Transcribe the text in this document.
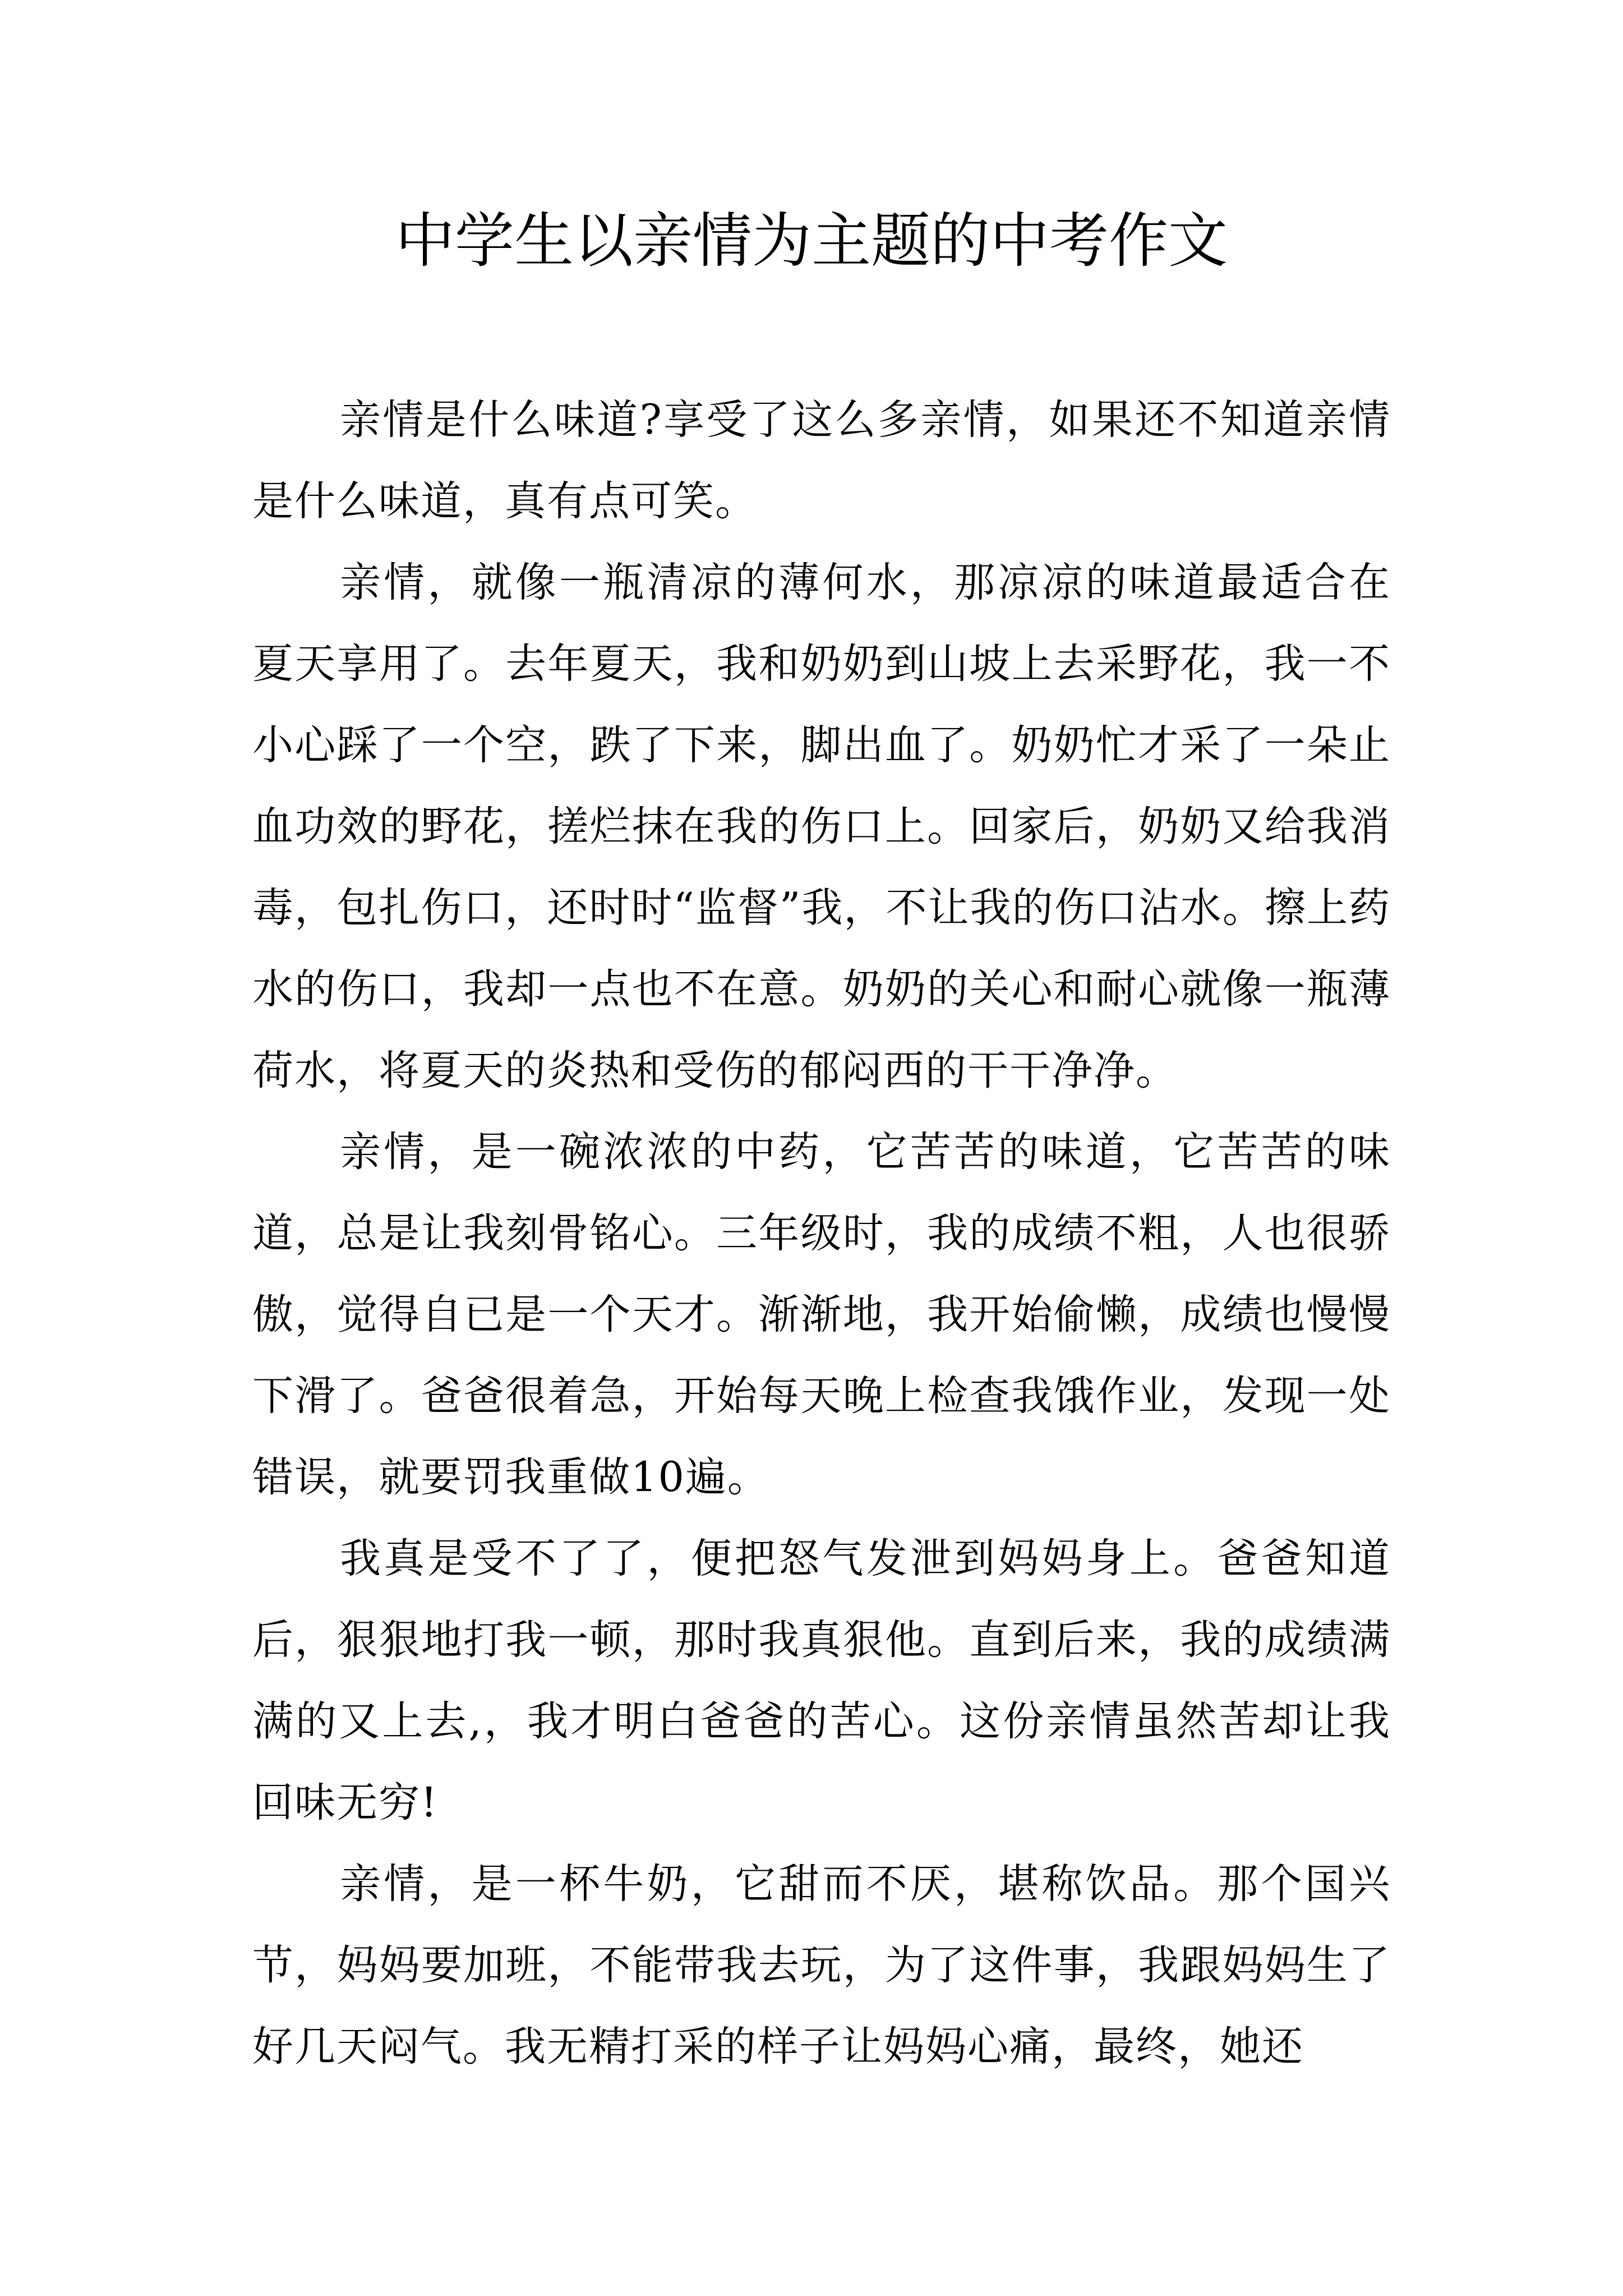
中学生以亲情为主题的中考作文

亲情是什么味道?享受了这么多亲情，如果还不知道亲情是什么味道，真有点可笑。

亲情，就像一瓶清凉的薄何水，那凉凉的味道最适合在夏天享用了。去年夏天，我和奶奶到山坡上去采野花，我一不小心踩了一个空，跌了下来，脚出血了。奶奶忙才采了一朵止血功效的野花，搓烂抹在我的伤口上。回家后，奶奶又给我消毒，包扎伤口，还时时“监督”我，不让我的伤口沾水。擦上药水的伤口，我却一点也不在意。奶奶的关心和耐心就像一瓶薄荷水，将夏天的炎热和受伤的郁闷西的干干净净。

亲情，是一碗浓浓的中药，它苦苦的味道，它苦苦的味道，总是让我刻骨铭心。三年级时，我的成绩不粗，人也很骄傲，觉得自已是一个天才。渐渐地，我开始偷懒，成绩也慢慢下滑了。爸爸很着急，开始每天晚上检查我饿作业，发现一处错误，就要罚我重做10遍。

我真是受不了了，便把怒气发泄到妈妈身上。爸爸知道后，狠狠地打我一顿，那时我真狠他。直到后来，我的成绩满满的又上去,，我才明白爸爸的苦心。这份亲情虽然苦却让我回味无穷!

亲情，是一杯牛奶，它甜而不厌，堪称饮品。那个国兴节，妈妈要加班，不能带我去玩，为了这件事，我跟妈妈生了好几天闷气。我无精打采的样子让妈妈心痛，最终，她还
